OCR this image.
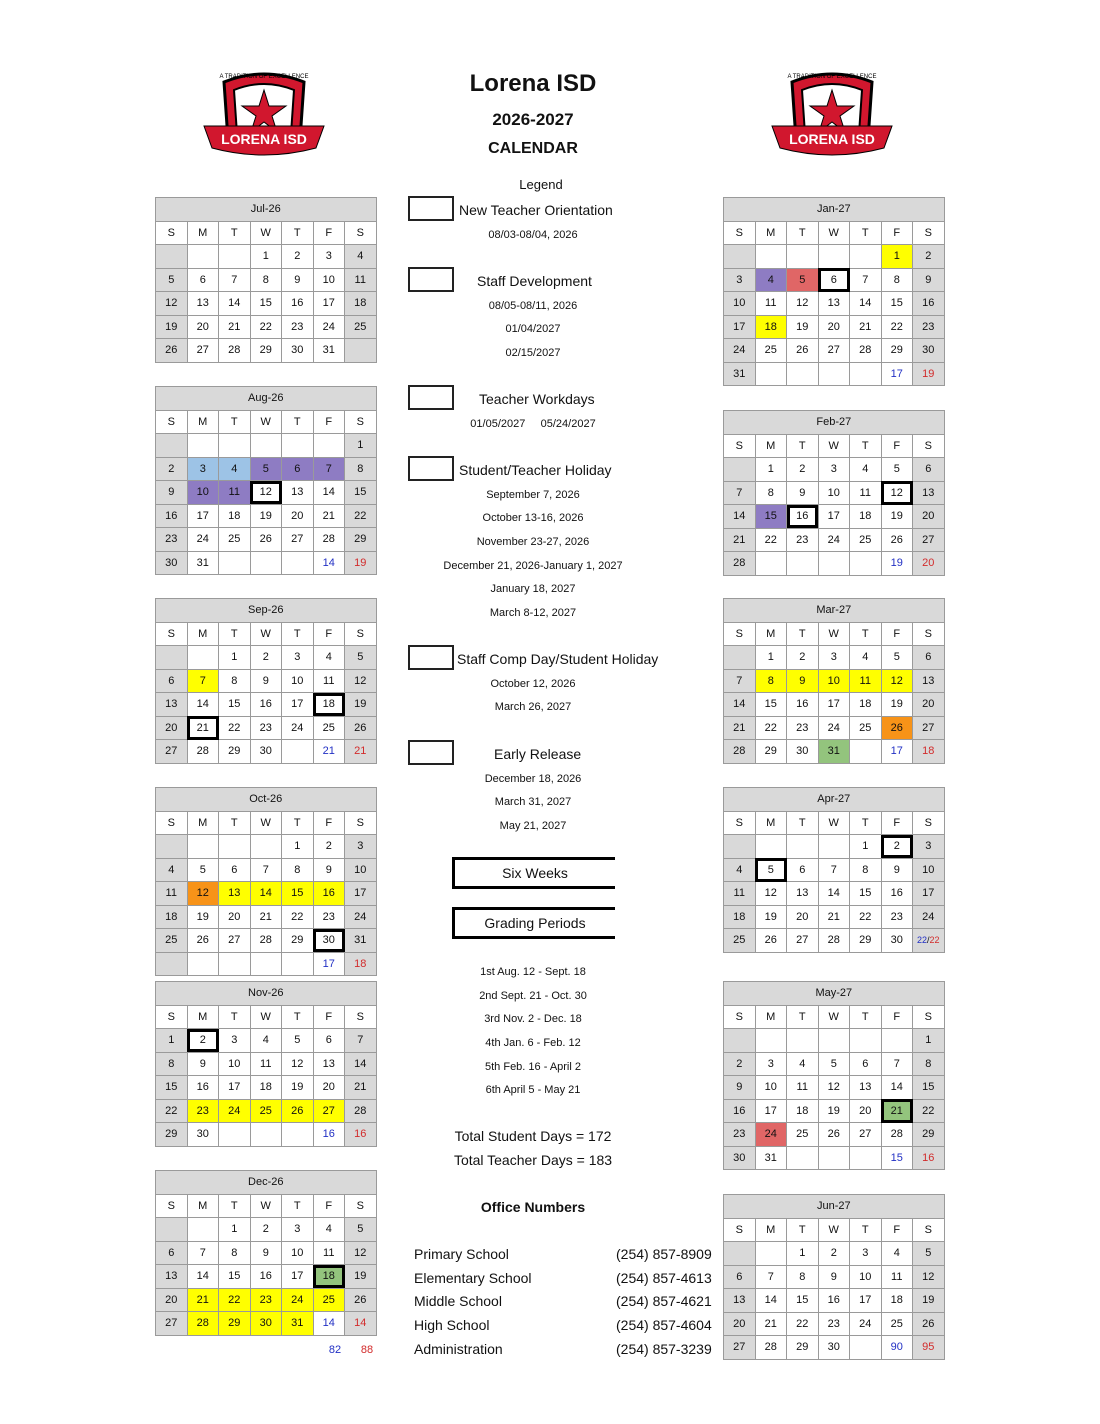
LORENA ISD
A TRADITION OF EXCELLENCE
LORENA ISD
A TRADITION OF EXCELLENCE
Lorena ISD
2026-2027
CALENDAR
Jul-26						
S	M	T	W	T	F	S
			1	2	3	4
5	6	7	8	9	10	11
12	13	14	15	16	17	18
19	20	21	22	23	24	25
26	27	28	29	30	31	
Aug-26						
S	M	T	W	T	F	S
						1
2	3	4	5	6	7	8
9	10	11	12	13	14	15
16	17	18	19	20	21	22
23	24	25	26	27	28	29
30	31				14	19
Sep-26						
S	M	T	W	T	F	S
		1	2	3	4	5
6	7	8	9	10	11	12
13	14	15	16	17	18	19
20	21	22	23	24	25	26
27	28	29	30		21	21
Oct-26						
S	M	T	W	T	F	S
				1	2	3
4	5	6	7	8	9	10
11	12	13	14	15	16	17
18	19	20	21	22	23	24
25	26	27	28	29	30	31
					17	18
Nov-26						
S	M	T	W	T	F	S
1	2	3	4	5	6	7
8	9	10	11	12	13	14
15	16	17	18	19	20	21
22	23	24	25	26	27	28
29	30				16	16
Dec-26						
S	M	T	W	T	F	S
		1	2	3	4	5
6	7	8	9	10	11	12
13	14	15	16	17	18	19
20	21	22	23	24	25	26
27	28	29	30	31	14	14
Jan-27						
S	M	T	W	T	F	S
					1	2
3	4	5	6	7	8	9
10	11	12	13	14	15	16
17	18	19	20	21	22	23
24	25	26	27	28	29	30
31					17	19
Feb-27						
S	M	T	W	T	F	S
	1	2	3	4	5	6
7	8	9	10	11	12	13
14	15	16	17	18	19	20
21	22	23	24	25	26	27
28					19	20
Mar-27						
S	M	T	W	T	F	S
	1	2	3	4	5	6
7	8	9	10	11	12	13
14	15	16	17	18	19	20
21	22	23	24	25	26	27
28	29	30	31		17	18
Apr-27						
S	M	T	W	T	F	S
				1	2	3
4	5	6	7	8	9	10
11	12	13	14	15	16	17
18	19	20	21	22	23	24
25	26	27	28	29	30	22/22
May-27						
S	M	T	W	T	F	S
						1
2	3	4	5	6	7	8
9	10	11	12	13	14	15
16	17	18	19	20	21	22
23	24	25	26	27	28	29
30	31				15	16
Jun-27						
S	M	T	W	T	F	S
		1	2	3	4	5
6	7	8	9	10	11	12
13	14	15	16	17	18	19
20	21	22	23	24	25	26
27	28	29	30		90	95
Legend
New Teacher Orientation
08/03-08/04, 2026
Staff Development
08/05-08/11, 2026
01/04/2027
02/15/2027
Teacher Workdays
01/05/2027     05/24/2027
Student/Teacher Holiday
September 7, 2026
October 13-16, 2026
November 23-27, 2026
December 21, 2026-January 1, 2027
January 18, 2027
March 8-12, 2027
Staff Comp Day/Student Holiday
October 12, 2026
March 26, 2027
Early Release
December 18, 2026
March 31, 2027
May 21, 2027
Six Weeks
Grading Periods
1st Aug. 12 - Sept. 18
2nd Sept. 21 - Oct. 30
3rd Nov. 2 - Dec. 18
4th Jan. 6 - Feb. 12
5th Feb. 16 - April 2
6th April 5 - May 21
Total Student Days = 172
Total Teacher Days = 183
Office Numbers
Primary School	(254) 857-8909
Elementary School	(254) 857-4613
Middle School	(254) 857-4621
High School	(254) 857-4604
Administration	(254) 857-3239
82	88
